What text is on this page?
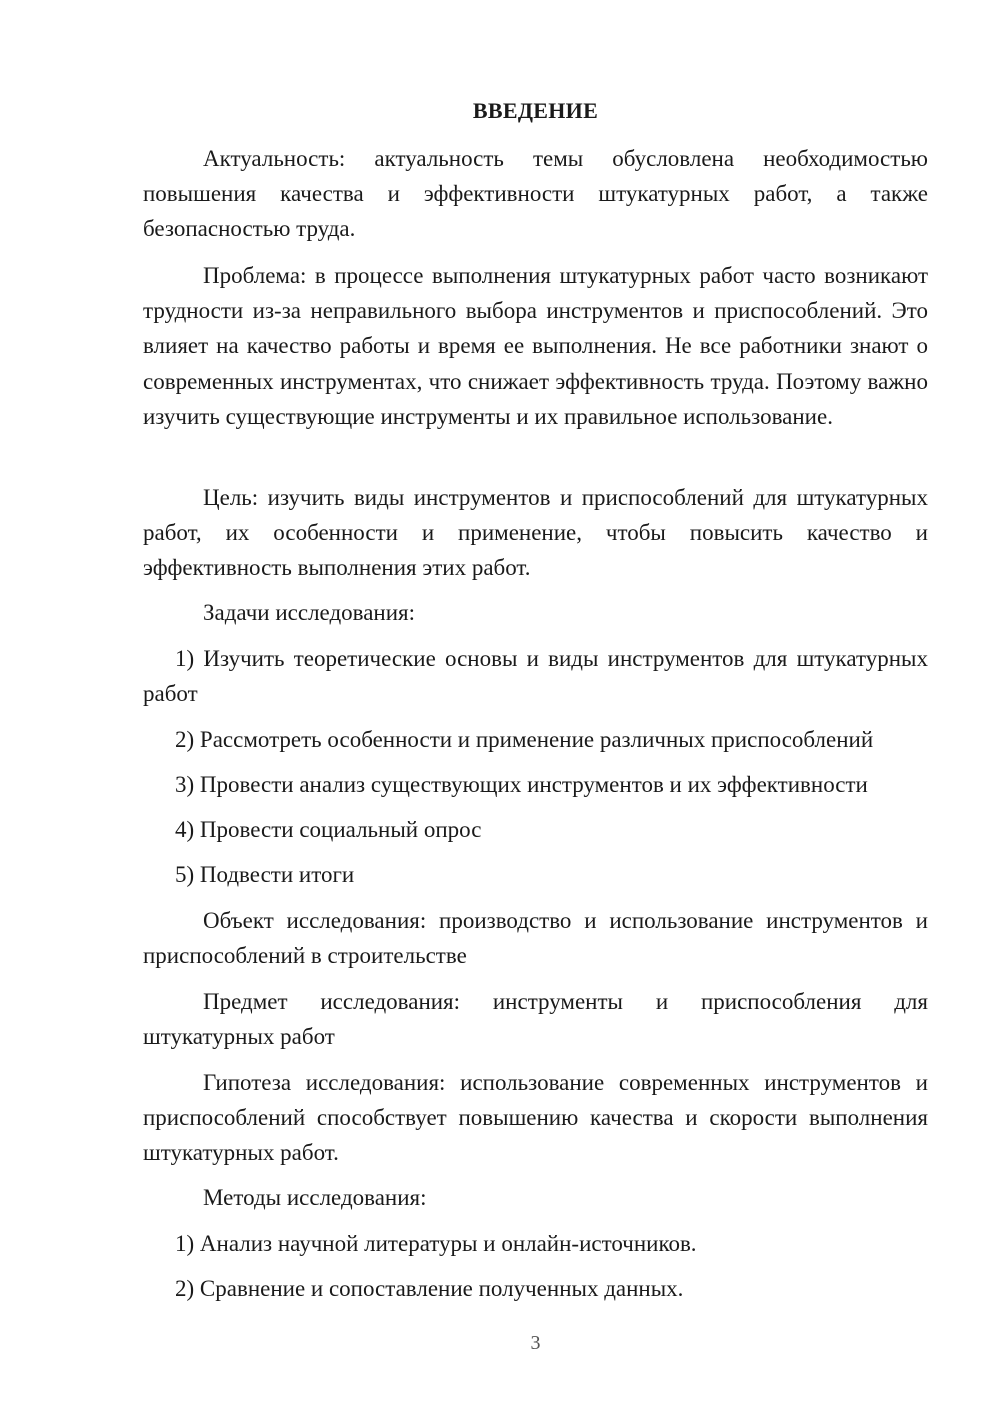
ВВЕДЕНИЕ

Актуальность: актуальность темы обусловлена необходимостью повышения качества и эффективности штукатурных работ, а также безопасностью труда.

Проблема: в процессе выполнения штукатурных работ часто возникают трудности из-за неправильного выбора инструментов и приспособлений. Это влияет на качество работы и время ее выполнения. Не все работники знают о современных инструментах, что снижает эффективность труда. Поэтому важно изучить существующие инструменты и их правильное использование.

Цель: изучить виды инструментов и приспособлений для штукатурных работ, их особенности и применение, чтобы повысить качество и эффективность выполнения этих работ.

Задачи исследования:

1) Изучить теоретические основы и виды инструментов для штукатурных работ

2) Рассмотреть особенности и применение различных приспособлений

3) Провести анализ существующих инструментов и их эффективности

4) Провести социальный опрос

5) Подвести итоги

Объект исследования: производство и использование инструментов и приспособлений в строительстве

Предмет исследования: инструменты и приспособления для штукатурных работ

Гипотеза исследования: использование современных инструментов и приспособлений способствует повышению качества и скорости выполнения штукатурных работ.

Методы исследования:

1) Анализ научной литературы и онлайн-источников.

2) Сравнение и сопоставление полученных данных.

3
